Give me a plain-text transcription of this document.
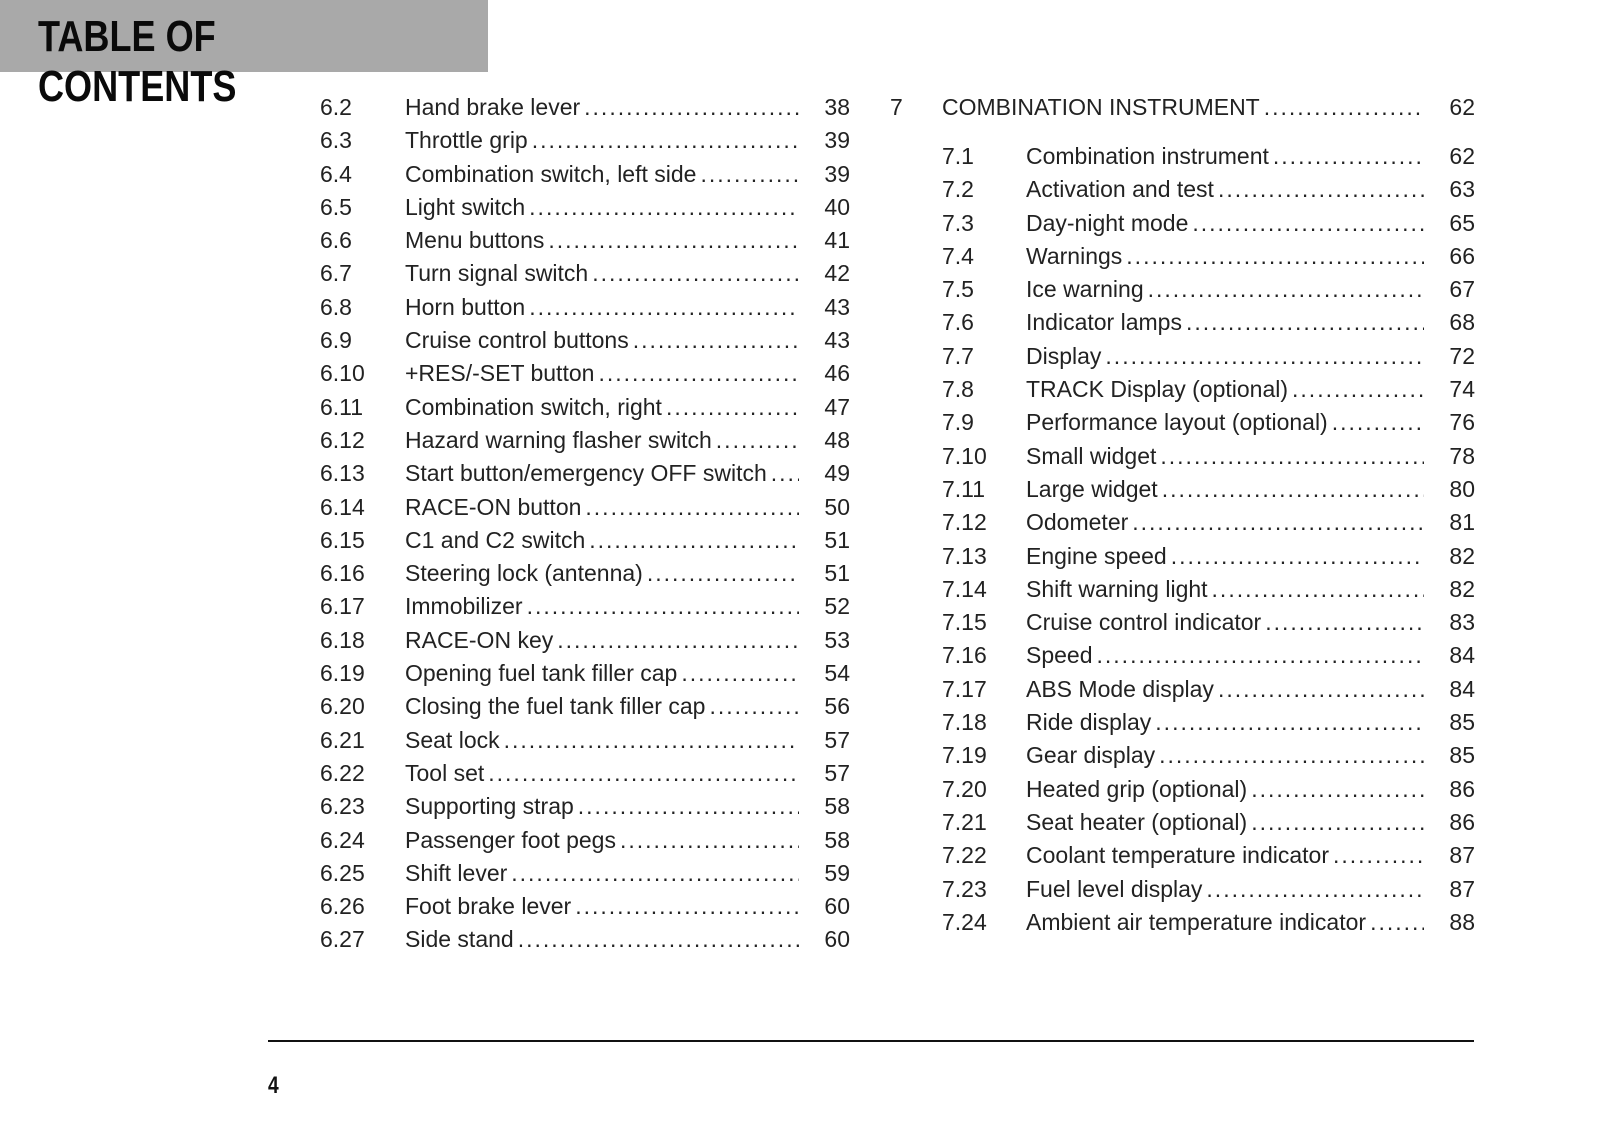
TABLE OF CONTENTS	6.2	Hand brake lever .....	38
6.3	Throttle grip .....	39
6.4	Combination switch, left side .....	39
6.5	Light switch .....	40
6.6	Menu buttons .....	41
6.7	Turn signal switch .....	42
6.8	Horn button .....	43
6.9	Cruise control buttons .....	43
6.10	+RES/-SET button .....	46
6.11	Combination switch, right .....	47
6.12	Hazard warning flasher switch .....	48
6.13	Start button/emergency OFF switch .....	49
6.14	RACE-ON button .....	50
6.15	C1 and C2 switch .....	51
6.16	Steering lock (antenna) .....	51
6.17	Immobilizer .....	52
6.18	RACE-ON key .....	53
6.19	Opening fuel tank filler cap .....	54
6.20	Closing the fuel tank filler cap .....	56
6.21	Seat lock .....	57
6.22	Tool set .....	57
6.23	Supporting strap .....	58
6.24	Passenger foot pegs .....	58
6.25	Shift lever .....	59
6.26	Foot brake lever .....	60
6.27	Side stand .....	60
7	COMBINATION INSTRUMENT .....	62
7.1	Combination instrument .....	62
7.2	Activation and test .....	63
7.3	Day-night mode .....	65
7.4	Warnings .....	66
7.5	Ice warning .....	67
7.6	Indicator lamps .....	68
7.7	Display .....	72
7.8	TRACK Display (optional) .....	74
7.9	Performance layout (optional) .....	76
7.10	Small widget .....	78
7.11	Large widget .....	80
7.12	Odometer .....	81
7.13	Engine speed .....	82
7.14	Shift warning light .....	82
7.15	Cruise control indicator .....	83
7.16	Speed .....	84
7.17	ABS Mode display .....	84
7.18	Ride display .....	85
7.19	Gear display .....	85
7.20	Heated grip (optional) .....	86
7.21	Seat heater (optional) .....	86
7.22	Coolant temperature indicator .....	87
7.23	Fuel level display .....	87
7.24	Ambient air temperature indicator .....	88
4
